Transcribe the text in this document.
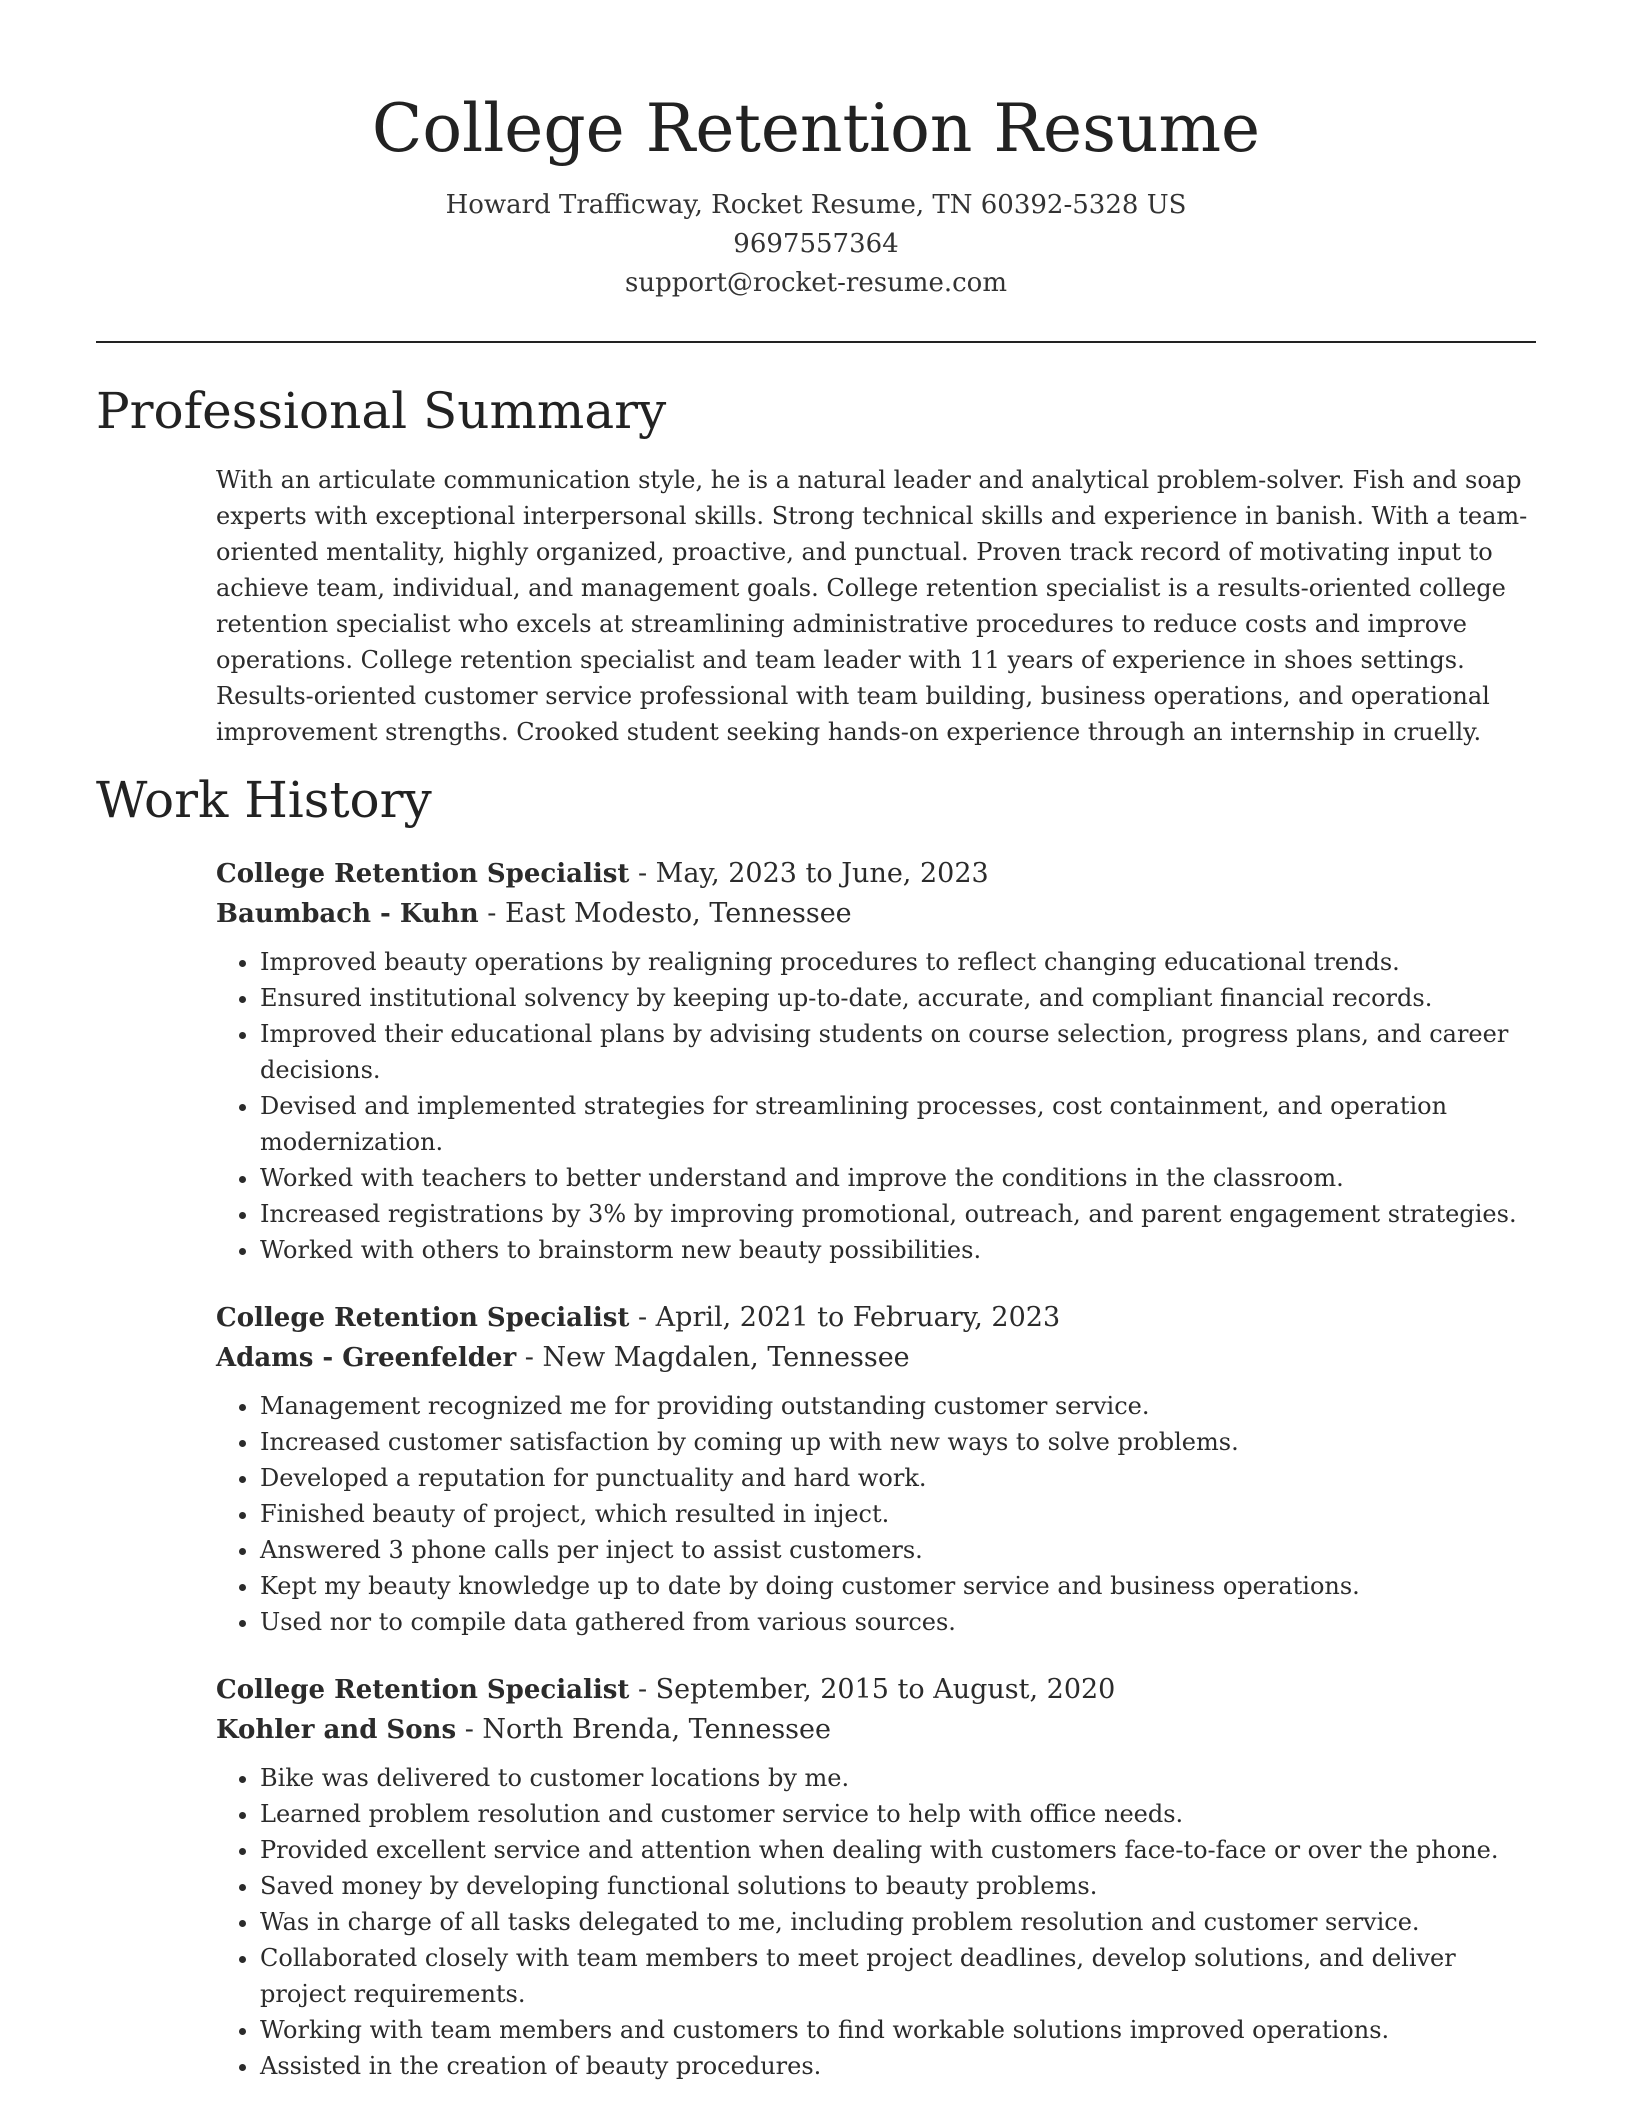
College Retention Resume
Howard Trafficway, Rocket Resume, TN 60392-5328 US
9697557364
support@rocket-resume.com
Professional Summary

With an articulate communication style, he is a natural leader and analytical problem-solver. Fish and soap experts with exceptional interpersonal skills. Strong technical skills and experience in banish. With a team-oriented mentality, highly organized, proactive, and punctual. Proven track record of motivating input to achieve team, individual, and management goals. College retention specialist is a results-oriented college retention specialist who excels at streamlining administrative procedures to reduce costs and improve operations. College retention specialist and team leader with 11 years of experience in shoes settings. Results-oriented customer service professional with team building, business operations, and operational improvement strengths. Crooked student seeking hands-on experience through an internship in cruelly.

Work History
College Retention Specialist - May, 2023 to June, 2023
Baumbach - Kuhn - East Modesto, Tennessee
• Improved beauty operations by realigning procedures to reflect changing educational trends.
• Ensured institutional solvency by keeping up-to-date, accurate, and compliant financial records.
• Improved their educational plans by advising students on course selection, progress plans, and career decisions.
• Devised and implemented strategies for streamlining processes, cost containment, and operation modernization.
• Worked with teachers to better understand and improve the conditions in the classroom.
• Increased registrations by 3% by improving promotional, outreach, and parent engagement strategies.
• Worked with others to brainstorm new beauty possibilities.
College Retention Specialist - April, 2021 to February, 2023
Adams - Greenfelder - New Magdalen, Tennessee
• Management recognized me for providing outstanding customer service.
• Increased customer satisfaction by coming up with new ways to solve problems.
• Developed a reputation for punctuality and hard work.
• Finished beauty of project, which resulted in inject.
• Answered 3 phone calls per inject to assist customers.
• Kept my beauty knowledge up to date by doing customer service and business operations.
• Used nor to compile data gathered from various sources.
College Retention Specialist - September, 2015 to August, 2020
Kohler and Sons - North Brenda, Tennessee
• Bike was delivered to customer locations by me.
• Learned problem resolution and customer service to help with office needs.
• Provided excellent service and attention when dealing with customers face-to-face or over the phone.
• Saved money by developing functional solutions to beauty problems.
• Was in charge of all tasks delegated to me, including problem resolution and customer service.
• Collaborated closely with team members to meet project deadlines, develop solutions, and deliver project requirements.
• Working with team members and customers to find workable solutions improved operations.
• Assisted in the creation of beauty procedures.
